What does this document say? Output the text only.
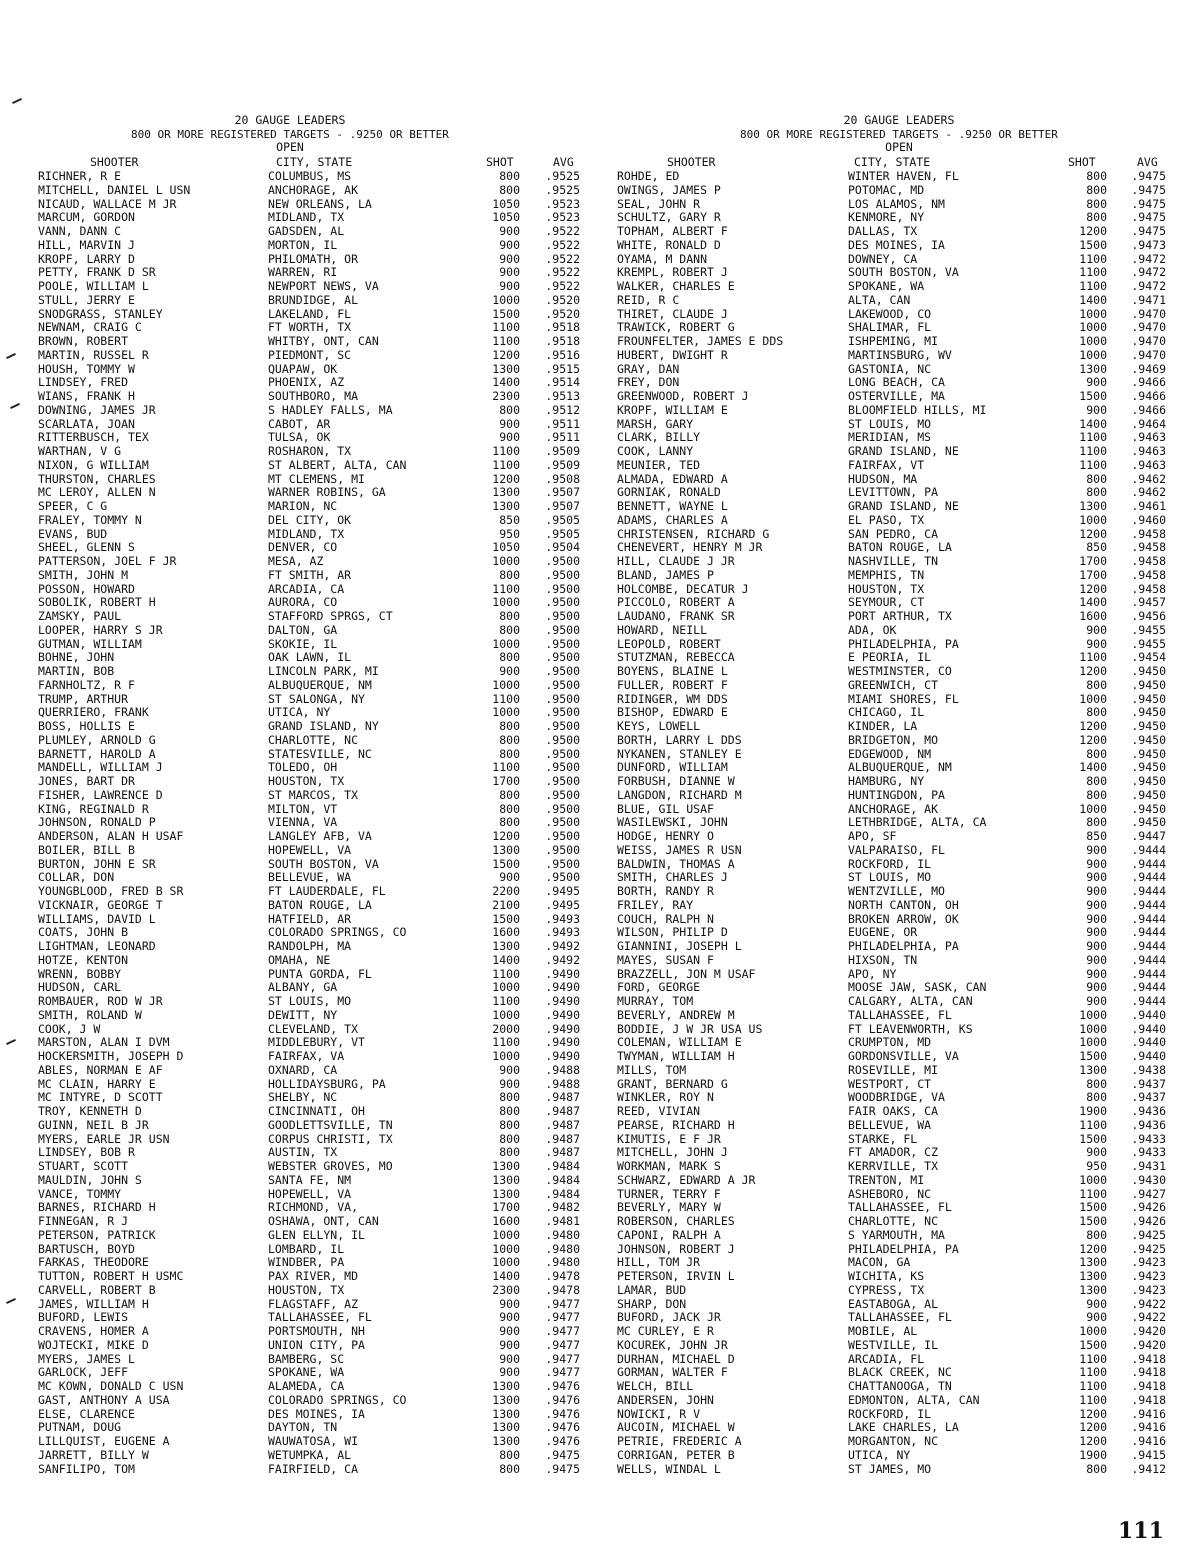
20 GAUGE LEADERS
800 OR MORE REGISTERED TARGETS - .9250 OR BETTER
OPEN
SHOOTER	CITY, STATE	SHOT	AVG
RICHNER, R E	COLUMBUS, MS	800 .9525
MITCHELL, DANIEL L USN	ANCHORAGE, AK	800 .9525
NICAUD, WALLACE M JR	NEW ORLEANS, LA	1050 .9523
MARCUM, GORDON	MIDLAND, TX	1050 .9523
VANN, DANN C	GADSDEN, AL	900 .9522
HILL, MARVIN J	MORTON, IL	900 .9522
KROPF, LARRY D	PHILOMATH, OR	900 .9522
PETTY, FRANK D SR	WARREN, RI	900 .9522
POOLE, WILLIAM L	NEWPORT NEWS, VA	900 .9522
STULL, JERRY E	BRUNDIDGE, AL	1000 .9520
SNODGRASS, STANLEY	LAKELAND, FL	1500 .9520
NEWNAM, CRAIG C	FT WORTH, TX	1100 .9518
BROWN, ROBERT	WHITBY, ONT, CAN	1100 .9518
MARTIN, RUSSEL R	PIEDMONT, SC	1200 .9516
HOUSH, TOMMY W	QUAPAW, OK	1300 .9515
LINDSEY, FRED	PHOENIX, AZ	1400 .9514
WIANS, FRANK H	SOUTHBORO, MA	2300 .9513
DOWNING, JAMES JR	S HADLEY FALLS, MA	800 .9512
SCARLATA, JOAN	CABOT, AR	900 .9511
RITTERBUSCH, TEX	TULSA, OK	900 .9511
WARTHAN, V G	ROSHARON, TX	1100 .9509
NIXON, G WILLIAM	ST ALBERT, ALTA, CAN	1100 .9509
THURSTON, CHARLES	MT CLEMENS, MI	1200 .9508
MC LEROY, ALLEN N	WARNER ROBINS, GA	1300 .9507
SPEER, C G	MARION, NC	1300 .9507
FRALEY, TOMMY N	DEL CITY, OK	850 .9505
EVANS, BUD	MIDLAND, TX	950 .9505
SHEEL, GLENN S	DENVER, CO	1050 .9504
PATTERSON, JOEL F JR	MESA, AZ	1000 .9500
SMITH, JOHN M	FT SMITH, AR	800 .9500
POSSON, HOWARD	ARCADIA, CA	1100 .9500
SOBOLIK, ROBERT H	AURORA, CO	1000 .9500
ZAMSKY, PAUL	STAFFORD SPRGS, CT	800 .9500
LOOPER, HARRY S JR	DALTON, GA	800 .9500
GUTMAN, WILLIAM	SKOKIE, IL	1000 .9500
BOHNE, JOHN	OAK LAWN, IL	800 .9500
MARTIN, BOB	LINCOLN PARK, MI	900 .9500
FARNHOLTZ, R F	ALBUQUERQUE, NM	1000 .9500
TRUMP, ARTHUR	ST SALONGA, NY	1100 .9500
QUERRIERO, FRANK	UTICA, NY	1000 .9500
BOSS, HOLLIS E	GRAND ISLAND, NY	800 .9500
PLUMLEY, ARNOLD G	CHARLOTTE, NC	800 .9500
BARNETT, HAROLD A	STATESVILLE, NC	800 .9500
MANDELL, WILLIAM J	TOLEDO, OH	1100 .9500
JONES, BART DR	HOUSTON, TX	1700 .9500
FISHER, LAWRENCE D	ST MARCOS, TX	800 .9500
KING, REGINALD R	MILTON, VT	800 .9500
JOHNSON, RONALD P	VIENNA, VA	800 .9500
ANDERSON, ALAN H USAF	LANGLEY AFB, VA	1200 .9500
BOILER, BILL B	HOPEWELL, VA	1300 .9500
BURTON, JOHN E SR	SOUTH BOSTON, VA	1500 .9500
COLLAR, DON	BELLEVUE, WA	900 .9500
YOUNGBLOOD, FRED B SR	FT LAUDERDALE, FL	2200 .9495
VICKNAIR, GEORGE T	BATON ROUGE, LA	2100 .9495
WILLIAMS, DAVID L	HATFIELD, AR	1500 .9493
COATS, JOHN B	COLORADO SPRINGS, CO	1600 .9493
LIGHTMAN, LEONARD	RANDOLPH, MA	1300 .9492
HOTZE, KENTON	OMAHA, NE	1400 .9492
WRENN, BOBBY	PUNTA GORDA, FL	1100 .9490
HUDSON, CARL	ALBANY, GA	1000 .9490
ROMBAUER, ROD W JR	ST LOUIS, MO	1100 .9490
SMITH, ROLAND W	DEWITT, NY	1000 .9490
COOK, J W	CLEVELAND, TX	2000 .9490
MARSTON, ALAN I DVM	MIDDLEBURY, VT	1100 .9490
HOCKERSMITH, JOSEPH D	FAIRFAX, VA	1000 .9490
ABLES, NORMAN E AF	OXNARD, CA	900 .9488
MC CLAIN, HARRY E	HOLLIDAYSBURG, PA	900 .9488
MC INTYRE, D SCOTT	SHELBY, NC	800 .9487
TROY, KENNETH D	CINCINNATI, OH	800 .9487
GUINN, NEIL B JR	GOODLETTSVILLE, TN	800 .9487
MYERS, EARLE JR USN	CORPUS CHRISTI, TX	800 .9487
LINDSEY, BOB R	AUSTIN, TX	800 .9487
STUART, SCOTT	WEBSTER GROVES, MO	1300 .9484
MAULDIN, JOHN S	SANTA FE, NM	1300 .9484
VANCE, TOMMY	HOPEWELL, VA	1300 .9484
BARNES, RICHARD H	RICHMOND, VA,	1700 .9482
FINNEGAN, R J	OSHAWA, ONT, CAN	1600 .9481
PETERSON, PATRICK	GLEN ELLYN, IL	1000 .9480
BARTUSCH, BOYD	LOMBARD, IL	1000 .9480
FARKAS, THEODORE	WINDBER, PA	1000 .9480
TUTTON, ROBERT H USMC	PAX RIVER, MD	1400 .9478
CARVELL, ROBERT B	HOUSTON, TX	2300 .9478
JAMES, WILLIAM H	FLAGSTAFF, AZ	900 .9477
BUFORD, LEWIS	TALLAHASSEE, FL	900 .9477
CRAVENS, HOMER A	PORTSMOUTH, NH	900 .9477
WOJTECKI, MIKE D	UNION CITY, PA	900 .9477
MYERS, JAMES L	BAMBERG, SC	900 .9477
GARLOCK, JEFF	SPOKANE, WA	900 .9477
MC KOWN, DONALD C USN	ALAMEDA, CA	1300 .9476
GAST, ANTHONY A USA	COLORADO SPRINGS, CO	1300 .9476
ELSE, CLARENCE	DES MOINES, IA	1300 .9476
PUTNAM, DOUG	DAYTON, TN	1300 .9476
LILLQUIST, EUGENE A	WAUWATOSA, WI	1300 .9476
JARRETT, BILLY W	WETUMPKA, AL	800 .9475
SANFILIPO, TOM	FAIRFIELD, CA	800 .9475
20 GAUGE LEADERS
800 OR MORE REGISTERED TARGETS - .9250 OR BETTER
OPEN
SHOOTER	CITY, STATE	SHOT	AVG
ROHDE, ED	WINTER HAVEN, FL	800 .9475
OWINGS, JAMES P	POTOMAC, MD	800 .9475
SEAL, JOHN R	LOS ALAMOS, NM	800 .9475
SCHULTZ, GARY R	KENMORE, NY	800 .9475
TOPHAM, ALBERT F	DALLAS, TX	1200 .9475
WHITE, RONALD D	DES MOINES, IA	1500 .9473
OYAMA, M DANN	DOWNEY, CA	1100 .9472
KREMPL, ROBERT J	SOUTH BOSTON, VA	1100 .9472
WALKER, CHARLES E	SPOKANE, WA	1100 .9472
REID, R C	ALTA, CAN	1400 .9471
THIRET, CLAUDE J	LAKEWOOD, CO	1000 .9470
TRAWICK, ROBERT G	SHALIMAR, FL	1000 .9470
FROUNFELTER, JAMES E DDS	ISHPEMING, MI	1000 .9470
HUBERT, DWIGHT R	MARTINSBURG, WV	1000 .9470
GRAY, DAN	GASTONIA, NC	1300 .9469
FREY, DON	LONG BEACH, CA	900 .9466
GREENWOOD, ROBERT J	OSTERVILLE, MA	1500 .9466
KROPF, WILLIAM E	BLOOMFIELD HILLS, MI	900 .9466
MARSH, GARY	ST LOUIS, MO	1400 .9464
CLARK, BILLY	MERIDIAN, MS	1100 .9463
COOK, LANNY	GRAND ISLAND, NE	1100 .9463
MEUNIER, TED	FAIRFAX, VT	1100 .9463
ALMADA, EDWARD A	HUDSON, MA	800 .9462
GORNIAK, RONALD	LEVITTOWN, PA	800 .9462
BENNETT, WAYNE L	GRAND ISLAND, NE	1300 .9461
ADAMS, CHARLES A	EL PASO, TX	1000 .9460
CHRISTENSEN, RICHARD G	SAN PEDRO, CA	1200 .9458
CHENEVERT, HENRY M JR	BATON ROUGE, LA	850 .9458
HILL, CLAUDE J JR	NASHVILLE, TN	1700 .9458
BLAND, JAMES P	MEMPHIS, TN	1700 .9458
HOLCOMBE, DECATUR J	HOUSTON, TX	1200 .9458
PICCOLO, ROBERT A	SEYMOUR, CT	1400 .9457
LAUDANO, FRANK SR	PORT ARTHUR, TX	1600 .9456
HOWARD, NEILL	ADA, OK	900 .9455
LEOPOLD, ROBERT	PHILADELPHIA, PA	900 .9455
STUTZMAN, REBECCA	E PEORIA, IL	1100 .9454
BOYENS, BLAINE L	WESTMINSTER, CO	1200 .9450
FULLER, ROBERT F	GREENWICH, CT	800 .9450
RIDINGER, WM DDS	MIAMI SHORES, FL	1000 .9450
BISHOP, EDWARD E	CHICAGO, IL	800 .9450
KEYS, LOWELL	KINDER, LA	1200 .9450
BORTH, LARRY L DDS	BRIDGETON, MO	1200 .9450
NYKANEN, STANLEY E	EDGEWOOD, NM	800 .9450
DUNFORD, WILLIAM	ALBUQUERQUE, NM	1400 .9450
FORBUSH, DIANNE W	HAMBURG, NY	800 .9450
LANGDON, RICHARD M	HUNTINGDON, PA	800 .9450
BLUE, GIL USAF	ANCHORAGE, AK	1000 .9450
WASILEWSKI, JOHN	LETHBRIDGE, ALTA, CA	800 .9450
HODGE, HENRY O	APO, SF	850 .9447
WEISS, JAMES R USN	VALPARAISO, FL	900 .9444
BALDWIN, THOMAS A	ROCKFORD, IL	900 .9444
SMITH, CHARLES J	ST LOUIS, MO	900 .9444
BORTH, RANDY R	WENTZVILLE, MO	900 .9444
FRILEY, RAY	NORTH CANTON, OH	900 .9444
COUCH, RALPH N	BROKEN ARROW, OK	900 .9444
WILSON, PHILIP D	EUGENE, OR	900 .9444
GIANNINI, JOSEPH L	PHILADELPHIA, PA	900 .9444
MAYES, SUSAN F	HIXSON, TN	900 .9444
BRAZZELL, JON M USAF	APO, NY	900 .9444
FORD, GEORGE	MOOSE JAW, SASK, CAN	900 .9444
MURRAY, TOM	CALGARY, ALTA, CAN	900 .9444
BEVERLY, ANDREW M	TALLAHASSEE, FL	1000 .9440
BODDIE, J W JR USA US	FT LEAVENWORTH, KS	1000 .9440
COLEMAN, WILLIAM E	CRUMPTON, MD	1000 .9440
TWYMAN, WILLIAM H	GORDONSVILLE, VA	1500 .9440
MILLS, TOM	ROSEVILLE, MI	1300 .9438
GRANT, BERNARD G	WESTPORT, CT	800 .9437
WINKLER, ROY N	WOODBRIDGE, VA	800 .9437
REED, VIVIAN	FAIR OAKS, CA	1900 .9436
PEARSE, RICHARD H	BELLEVUE, WA	1100 .9436
KIMUTIS, E F JR	STARKE, FL	1500 .9433
MITCHELL, JOHN J	FT AMADOR, CZ	900 .9433
WORKMAN, MARK S	KERRVILLE, TX	950 .9431
SCHWARZ, EDWARD A JR	TRENTON, MI	1000 .9430
TURNER, TERRY F	ASHEBORO, NC	1100 .9427
BEVERLY, MARY W	TALLAHASSEE, FL	1500 .9426
ROBERSON, CHARLES	CHARLOTTE, NC	1500 .9426
CAPONI, RALPH A	S YARMOUTH, MA	800 .9425
JOHNSON, ROBERT J	PHILADELPHIA, PA	1200 .9425
HILL, TOM JR	MACON, GA	1300 .9423
PETERSON, IRVIN L	WICHITA, KS	1300 .9423
LAMAR, BUD	CYPRESS, TX	1300 .9423
SHARP, DON	EASTABOGA, AL	900 .9422
BUFORD, JACK JR	TALLAHASSEE, FL	900 .9422
MC CURLEY, E R	MOBILE, AL	1000 .9420
KOCUREK, JOHN JR	WESTVILLE, IL	1500 .9420
DURHAN, MICHAEL D	ARCADIA, FL	1100 .9418
GORMAN, WALTER F	BLACK CREEK, NC	1100 .9418
WELCH, BILL	CHATTANOOGA, TN	1100 .9418
ANDERSEN, JOHN	EDMONTON, ALTA, CAN	1100 .9418
NOWICKI, R V	ROCKFORD, IL	1200 .9416
AUCOIN, MICHAEL W	LAKE CHARLES, LA	1200 .9416
PETRIE, FREDERIC A	MORGANTON, NC	1200 .9416
CORRIGAN, PETER B	UTICA, NY	1900 .9415
WELLS, WINDAL L	ST JAMES, MO	800 .9412
111
